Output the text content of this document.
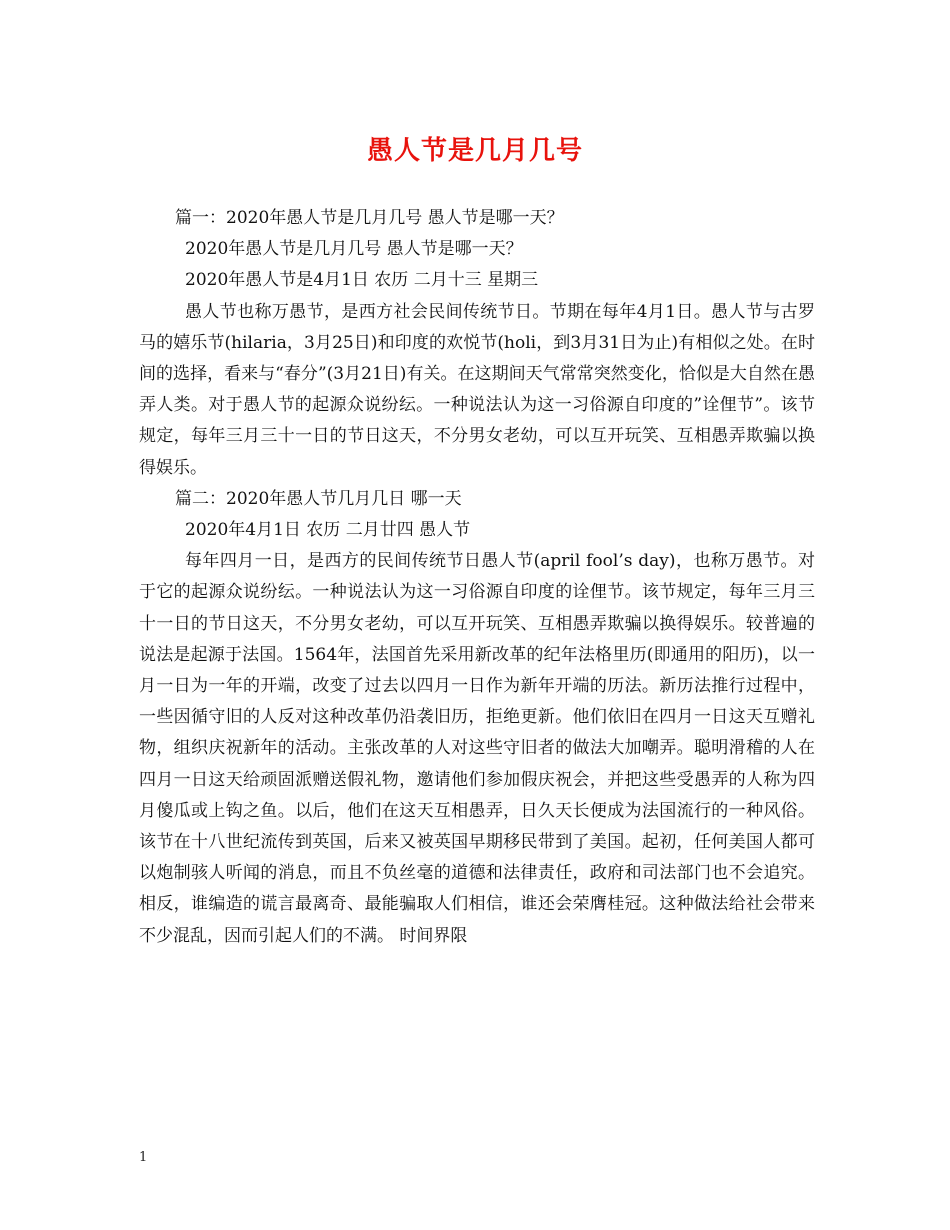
愚人节是几月几号

篇一：2020年愚人节是几月几号 愚人节是哪一天？

2020年愚人节是几月几号 愚人节是哪一天？

2020年愚人节是4月1日 农历 二月十三 星期三

愚人节也称万愚节，是西方社会民间传统节日。节期在每年4月1日。愚人节与古罗马的嬉乐节(hilaria，3月25日)和印度的欢悦节(holi，到3月31日为止)有相似之处。在时间的选择，看来与“春分”(3月21日)有关。在这期间天气常常突然变化，恰似是大自然在愚弄人类。对于愚人节的起源众说纷纭。一种说法认为这一习俗源自印度的”诠俚节”。该节规定，每年三月三十一日的节日这天，不分男女老幼，可以互开玩笑、互相愚弄欺骗以换得娱乐。

篇二：2020年愚人节几月几日 哪一天

2020年4月1日 农历 二月廿四 愚人节

每年四月一日，是西方的民间传统节日愚人节(april fool’s day)，也称万愚节。对于它的起源众说纷纭。一种说法认为这一习俗源自印度的诠俚节。该节规定，每年三月三十一日的节日这天，不分男女老幼，可以互开玩笑、互相愚弄欺骗以换得娱乐。较普遍的说法是起源于法国。1564年，法国首先采用新改革的纪年法格里历(即通用的阳历)，以一月一日为一年的开端，改变了过去以四月一日作为新年开端的历法。新历法推行过程中，一些因循守旧的人反对这种改革仍沿袭旧历，拒绝更新。他们依旧在四月一日这天互赠礼物，组织庆祝新年的活动。主张改革的人对这些守旧者的做法大加嘲弄。聪明滑稽的人在四月一日这天给顽固派赠送假礼物，邀请他们参加假庆祝会，并把这些受愚弄的人称为四月傻瓜或上钩之鱼。以后，他们在这天互相愚弄，日久天长便成为法国流行的一种风俗。该节在十八世纪流传到英国，后来又被英国早期移民带到了美国。起初，任何美国人都可以炮制骇人听闻的消息，而且不负丝毫的道德和法律责任，政府和司法部门也不会追究。相反，谁编造的谎言最离奇、最能骗取人们相信，谁还会荣膺桂冠。这种做法给社会带来不少混乱，因而引起人们的不满。 时间界限

1
